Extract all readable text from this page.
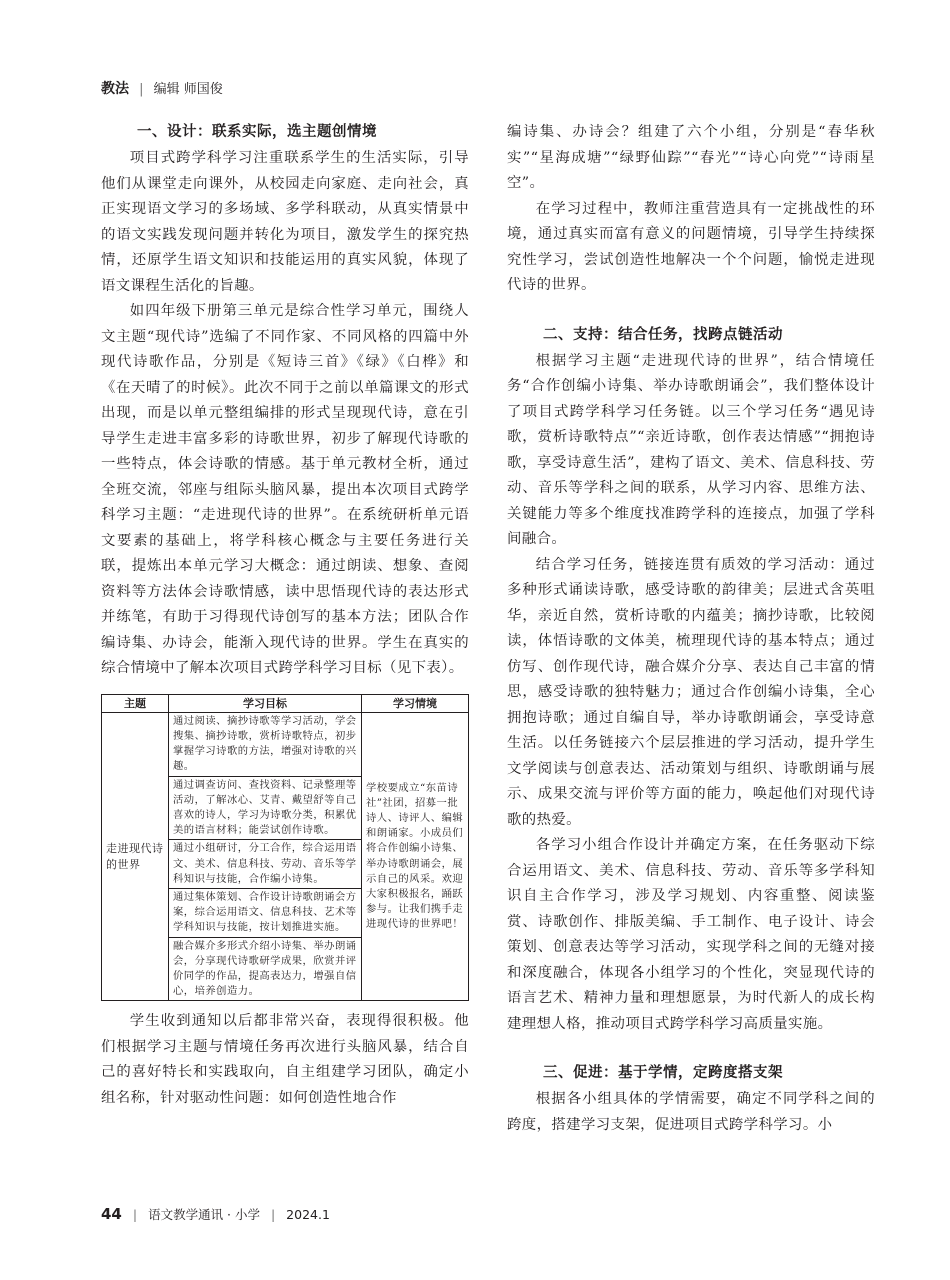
教法 | 编辑 师国俊
一、设计：联系实际，选主题创情境

项目式跨学科学习注重联系学生的生活实际，引导他们从课堂走向课外，从校园走向家庭、走向社会，真正实现语文学习的多场域、多学科联动，从真实情景中的语文实践发现问题并转化为项目，激发学生的探究热情，还原学生语文知识和技能运用的真实风貌，体现了语文课程生活化的旨趣。

如四年级下册第三单元是综合性学习单元，围绕人文主题“现代诗”选编了不同作家、不同风格的四篇中外现代诗歌作品，分别是《短诗三首》《绿》《白桦》和《在天晴了的时候》。此次不同于之前以单篇课文的形式出现，而是以单元整组编排的形式呈现现代诗，意在引导学生走进丰富多彩的诗歌世界，初步了解现代诗歌的一些特点，体会诗歌的情感。基于单元教材全析，通过全班交流，邻座与组际头脑风暴，提出本次项目式跨学科学习主题：“走进现代诗的世界”。在系统研析单元语文要素的基础上，将学科核心概念与主要任务进行关联，提炼出本单元学习大概念：通过朗读、想象、查阅资料等方法体会诗歌情感，读中思悟现代诗的表达形式并练笔，有助于习得现代诗创写的基本方法；团队合作编诗集、办诗会，能渐入现代诗的世界。学生在真实的综合情境中了解本次项目式跨学科学习目标（见下表）。

主题	学习目标	学习情境
走进现代诗的世界	通过阅读、摘抄诗歌等学习活动，学会搜集、摘抄诗歌，赏析诗歌特点，初步掌握学习诗歌的方法，增强对诗歌的兴趣。	学校要成立“东苗诗社”社团，招募一批诗人、诗评人、编辑和朗诵家。小成员们将合作创编小诗集、举办诗歌朗诵会，展示自己的风采。欢迎大家积极报名，踊跃参与。让我们携手走进现代诗的世界吧！
	通过调查访问、查找资料、记录整理等活动，了解冰心、艾青、戴望舒等自己喜欢的诗人，学习为诗歌分类，积累优美的语言材料；能尝试创作诗歌。	
	通过小组研讨，分工合作，综合运用语文、美术、信息科技、劳动、音乐等学科知识与技能，合作编小诗集。	
	通过集体策划、合作设计诗歌朗诵会方案，综合运用语文、信息科技、艺术等学科知识与技能，按计划推进实施。	
	融合媒介多形式介绍小诗集、举办朗诵会，分享现代诗歌研学成果，欣赏并评价同学的作品，提高表达力，增强自信心，培养创造力。	

学生收到通知以后都非常兴奋，表现得很积极。他们根据学习主题与情境任务再次进行头脑风暴，结合自己的喜好特长和实践取向，自主组建学习团队，确定小组名称，针对驱动性问题：如何创造性地合作

编诗集、办诗会？组建了六个小组，分别是“春华秋实”“星海成塘”“绿野仙踪”“春光”“诗心向党”“诗雨星空”。

在学习过程中，教师注重营造具有一定挑战性的环境，通过真实而富有意义的问题情境，引导学生持续探究性学习，尝试创造性地解决一个个问题，愉悦走进现代诗的世界。

二、支持：结合任务，找跨点链活动

根据学习主题“走进现代诗的世界”，结合情境任务“合作创编小诗集、举办诗歌朗诵会”，我们整体设计了项目式跨学科学习任务链。以三个学习任务“遇见诗歌，赏析诗歌特点”“亲近诗歌，创作表达情感”“拥抱诗歌，享受诗意生活”，建构了语文、美术、信息科技、劳动、音乐等学科之间的联系，从学习内容、思维方法、关键能力等多个维度找准跨学科的连接点，加强了学科间融合。

结合学习任务，链接连贯有质效的学习活动：通过多种形式诵读诗歌，感受诗歌的韵律美；层进式含英咀华，亲近自然，赏析诗歌的内蕴美；摘抄诗歌，比较阅读，体悟诗歌的文体美，梳理现代诗的基本特点；通过仿写、创作现代诗，融合媒介分享、表达自己丰富的情思，感受诗歌的独特魅力；通过合作创编小诗集，全心拥抱诗歌；通过自编自导，举办诗歌朗诵会，享受诗意生活。以任务链接六个层层推进的学习活动，提升学生文学阅读与创意表达、活动策划与组织、诗歌朗诵与展示、成果交流与评价等方面的能力，唤起他们对现代诗歌的热爱。

各学习小组合作设计并确定方案，在任务驱动下综合运用语文、美术、信息科技、劳动、音乐等多学科知识自主合作学习，涉及学习规划、内容重整、阅读鉴赏、诗歌创作、排版美编、手工制作、电子设计、诗会策划、创意表达等学习活动，实现学科之间的无缝对接和深度融合，体现各小组学习的个性化，突显现代诗的语言艺术、精神力量和理想愿景，为时代新人的成长构建理想人格，推动项目式跨学科学习高质量实施。

三、促进：基于学情，定跨度搭支架

根据各小组具体的学情需要，确定不同学科之间的跨度，搭建学习支架，促进项目式跨学科学习。小

44 | 语文教学通讯 · 小学 | 2024.1
